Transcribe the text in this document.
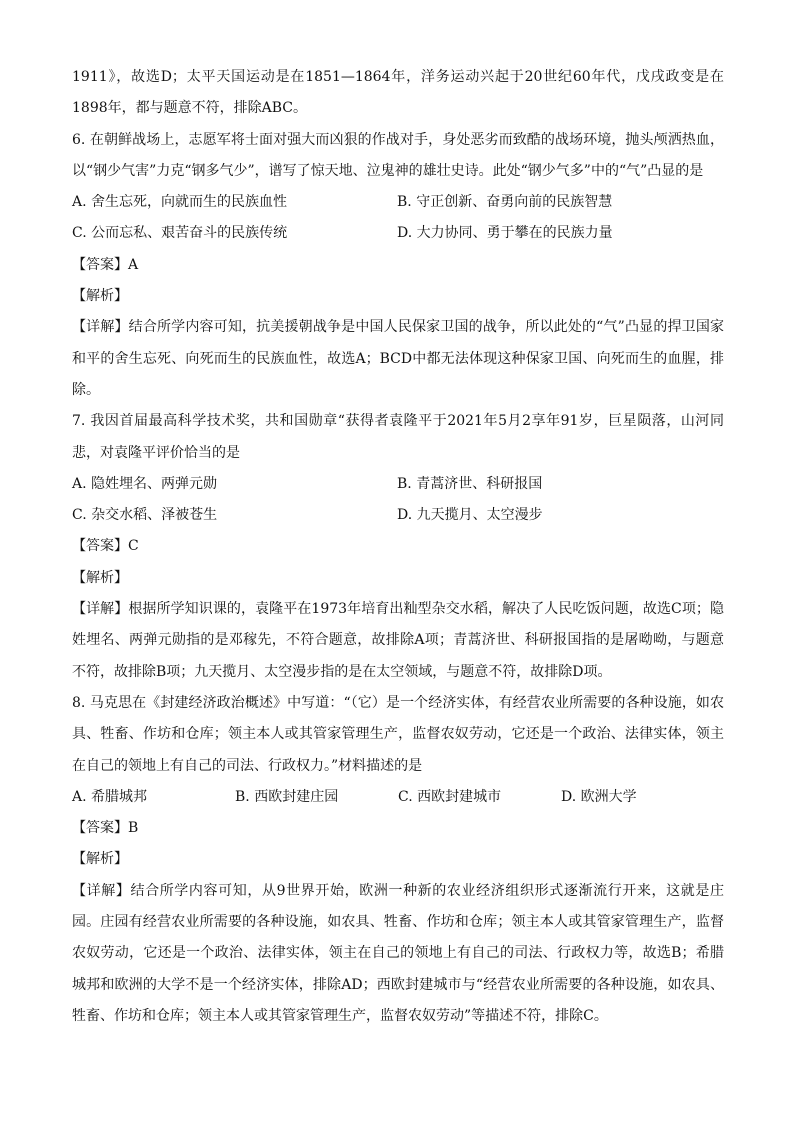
1911》，故选D；太平天国运动是在1851—1864年，洋务运动兴起于20世纪60年代，戊戌政变是在1898年，都与题意不符，排除ABC。
6. 在朝鲜战场上，志愿军将士面对强大而凶狠的作战对手，身处恶劣而致酷的战场环境，抛头颅洒热血，以“钢少气害”力克“钢多气少”，谱写了惊天地、泣鬼神的雄壮史诗。此处“钢少气多”中的“气”凸显的是
A. 舍生忘死，向就而生的民族血性	B. 守正创新、奋勇向前的民族智慧
C. 公而忘私、艰苦奋斗的民族传统	D. 大力协同、勇于攀在的民族力量
【答案】A
【解析】
【详解】结合所学内容可知，抗美援朝战争是中国人民保家卫国的战争，所以此处的“气”凸显的捍卫国家和平的舍生忘死、向死而生的民族血性，故选A；BCD中都无法体现这种保家卫国、向死而生的血腥，排除。
7. 我因首届最高科学技术奖，共和国勋章“获得者袁隆平于2021年5月2享年91岁，巨星陨落，山河同悲，对袁隆平评价恰当的是
A. 隐姓埋名、两弹元勋	B. 青蒿济世、科研报国
C. 杂交水稻、泽被苍生	D. 九天揽月、太空漫步
【答案】C
【解析】
【详解】根据所学知识课的，袁隆平在1973年培育出籼型杂交水稻，解决了人民吃饭问题，故选C项；隐姓埋名、两弹元勋指的是邓稼先，不符合题意，故排除A项；青蒿济世、科研报国指的是屠呦呦，与题意不符，故排除B项；九天揽月、太空漫步指的是在太空领域，与题意不符，故排除D项。
8. 马克思在《封建经济政治概述》中写道：“（它）是一个经济实体，有经营农业所需要的各种设施，如农具、牲畜、作坊和仓库；领主本人或其管家管理生产，监督农奴劳动，它还是一个政治、法律实体，领主在自己的领地上有自己的司法、行政权力。”材料描述的是
A. 希腊城邦	B. 西欧封建庄园	C. 西欧封建城市	D. 欧洲大学
【答案】B
【解析】
【详解】结合所学内容可知，从9世界开始，欧洲一种新的农业经济组织形式逐渐流行开来，这就是庄园。庄园有经营农业所需要的各种设施，如农具、牲畜、作坊和仓库；领主本人或其管家管理生产，监督农奴劳动，它还是一个政治、法律实体，领主在自己的领地上有自己的司法、行政权力等，故选B；希腊城邦和欧洲的大学不是一个经济实体，排除AD；西欧封建城市与“经营农业所需要的各种设施，如农具、牲畜、作坊和仓库；领主本人或其管家管理生产，监督农奴劳动”等描述不符，排除C。
